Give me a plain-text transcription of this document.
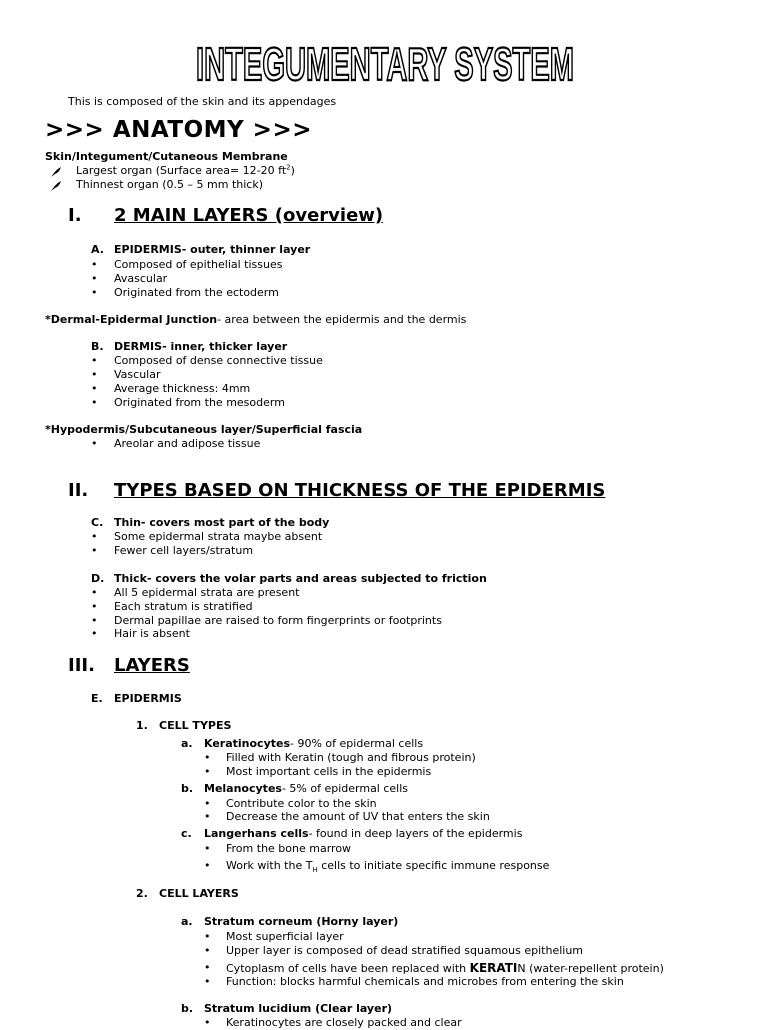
INTEGUMENTARY SYSTEM
This is composed of the skin and its appendages
>>> ANATOMY >>>
Skin/Integument/Cutaneous Membrane
Largest organ (Surface area= 12-20 $ft^2$)
Thinnest organ (0.5 – 5 mm thick)
I. 2 MAIN LAYERS (overview)
A. EPIDERMIS- outer, thinner layer
• Composed of epithelial tissues
• Avascular
• Originated from the ectoderm
*Dermal-Epidermal Junction- area between the epidermis and the dermis
B. DERMIS- inner, thicker layer
• Composed of dense connective tissue
• Vascular
• Average thickness: 4mm
• Originated from the mesoderm
*Hypodermis/Subcutaneous layer/Superficial fascia
• Areolar and adipose tissue
II. TYPES BASED ON THICKNESS OF THE EPIDERMIS
C. Thin- covers most part of the body
• Some epidermal strata maybe absent
• Fewer cell layers/stratum
D. Thick- covers the volar parts and areas subjected to friction
• All 5 epidermal strata are present
• Each stratum is stratified
• Dermal papillae are raised to form fingerprints or footprints
• Hair is absent
III. LAYERS
E. EPIDERMIS
1. CELL TYPES
a. Keratinocytes- 90% of epidermal cells
• Filled with Keratin (tough and fibrous protein)
• Most important cells in the epidermis
b. Melanocytes- 5% of epidermal cells
• Contribute color to the skin
• Decrease the amount of UV that enters the skin
c. Langerhans cells- found in deep layers of the epidermis
• From the bone marrow
• Work with the $T_H$ cells to initiate specific immune response
2. CELL LAYERS
a. Stratum corneum (Horny layer)
• Most superficial layer
• Upper layer is composed of dead stratified squamous epithelium
• Cytoplasm of cells have been replaced with KERATIN (water-repellent protein)
• Function: blocks harmful chemicals and microbes from entering the skin
b. Stratum lucidium (Clear layer)
• Keratinocytes are closely packed and clear
